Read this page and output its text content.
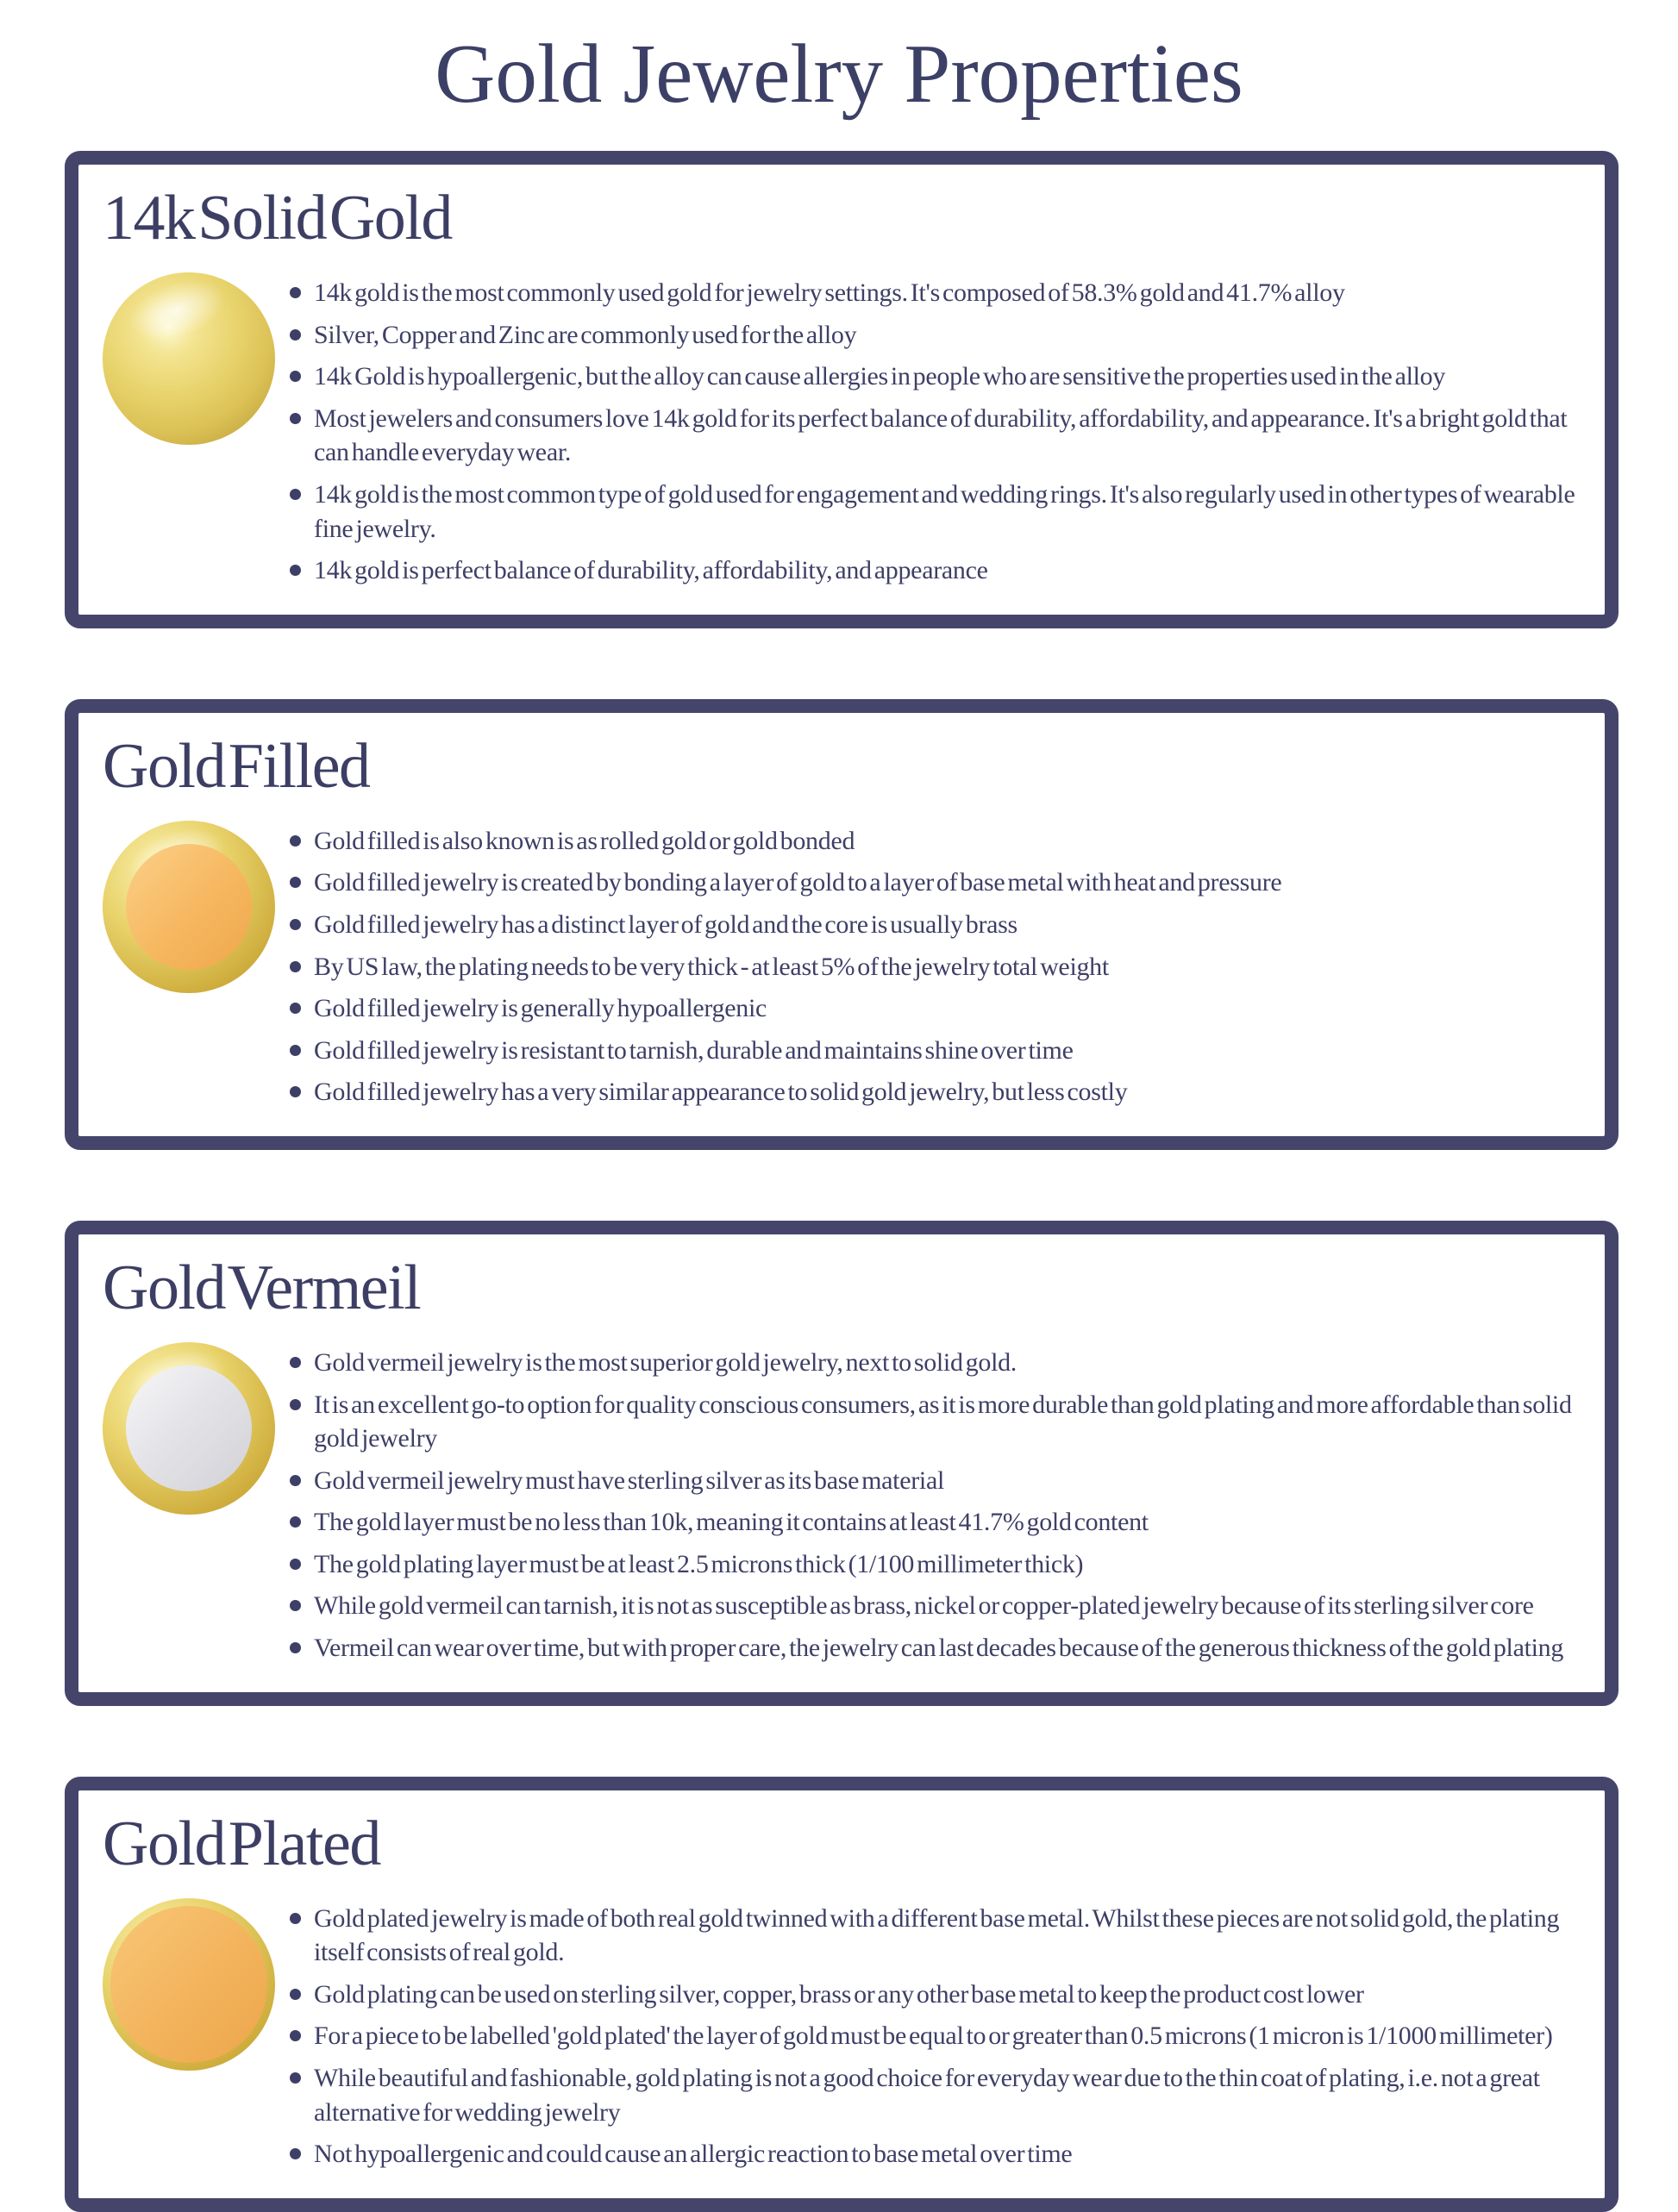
Gold Jewelry Properties
14k Solid Gold
14k gold is the most commonly used gold for jewelry settings. It's composed of 58.3% gold and 41.7% alloy
Silver, Copper and Zinc are commonly used for the alloy
14k Gold is hypoallergenic, but the alloy can cause allergies in people who are sensitive the properties used in the alloy
Most jewelers and consumers love 14k gold for its perfect balance of durability, affordability, and appearance. It's a bright gold that can handle everyday wear.
14k gold is the most common type of gold used for engagement and wedding rings. It's also regularly used in other types of wearable fine jewelry.
14k gold is perfect balance of durability, affordability, and appearance
Gold Filled
Gold filled is also known is as rolled gold or gold bonded
Gold filled jewelry is created by bonding a layer of gold to a layer of base metal with heat and pressure
Gold filled jewelry has a distinct layer of gold and the core is usually brass
By US law, the plating needs to be very thick - at least 5% of the jewelry total weight
Gold filled jewelry is generally hypoallergenic
Gold filled jewelry is resistant to tarnish, durable and maintains shine over time
Gold filled jewelry has a very similar appearance to solid gold jewelry, but less costly
Gold Vermeil
Gold vermeil jewelry is the most superior gold jewelry, next to solid gold.
It is an excellent go-to option for quality conscious consumers, as it is more durable than gold plating and more affordable than solid gold jewelry
Gold vermeil jewelry must have sterling silver as its base material
The gold layer must be no less than 10k, meaning it contains at least 41.7% gold content
The gold plating layer must be at least 2.5 microns thick (1/100 millimeter thick)
While gold vermeil can tarnish, it is not as susceptible as brass, nickel or copper-plated jewelry because of its sterling silver core
Vermeil can wear over time, but with proper care, the jewelry can last decades because of the generous thickness of the gold plating
Gold Plated
Gold plated jewelry is made of both real gold twinned with a different base metal. Whilst these pieces are not solid gold, the plating itself consists of real gold.
Gold plating can be used on sterling silver, copper, brass or any other base metal to keep the product cost lower
For a piece to be labelled 'gold plated' the layer of gold must be equal to or greater than 0.5 microns (1 micron is 1/1000 millimeter)
While beautiful and fashionable, gold plating is not a good choice for everyday wear due to the thin coat of plating, i.e. not a great alternative for wedding jewelry
Not hypoallergenic and could cause an allergic reaction to base metal over time
